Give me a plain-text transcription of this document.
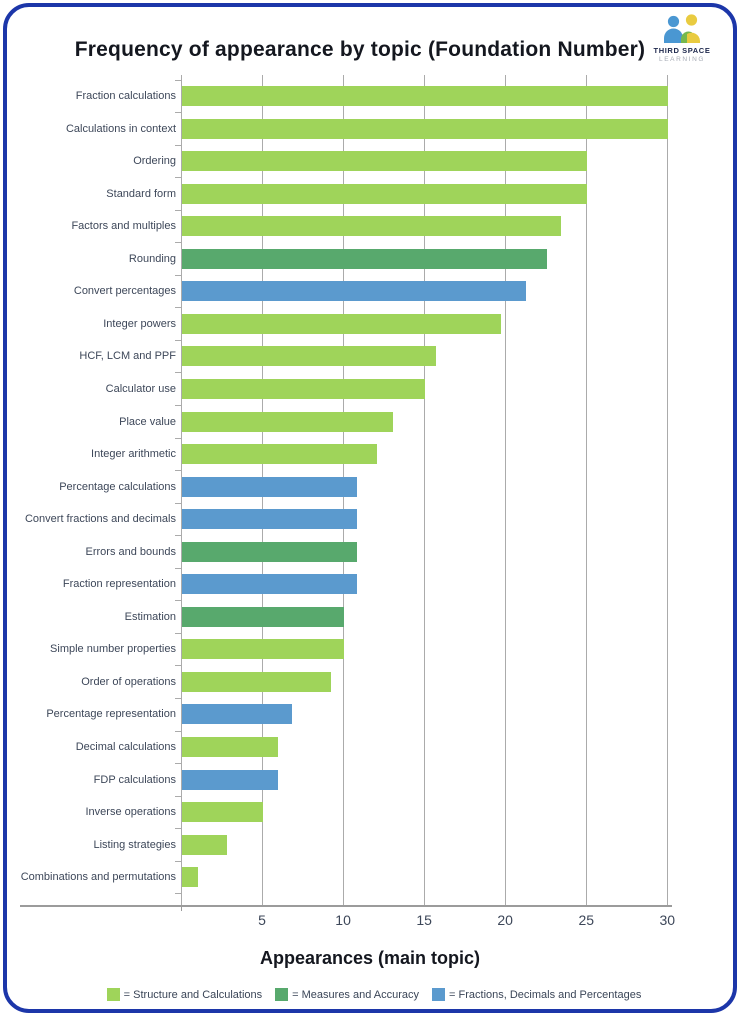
Frequency of appearance by topic (Foundation Number)	THIRD SPACE
LEARNING
Fraction calculations
Calculations in context
Ordering
Standard form
Factors and multiples
Rounding
Convert percentages
Integer powers
HCF, LCM and PPF
Calculator use
Place value
Integer arithmetic
Percentage calculations
Convert fractions and decimals
Errors and bounds
Fraction representation
Estimation
Simple number properties
Order of operations
Percentage representation
Decimal calculations
FDP calculations
Inverse operations
Listing strategies
Combinations and permutations
5	10	15	20	25	30
Appearances (main topic)
= Structure and Calculations	= Measures and Accuracy	= Fractions, Decimals and Percentages
